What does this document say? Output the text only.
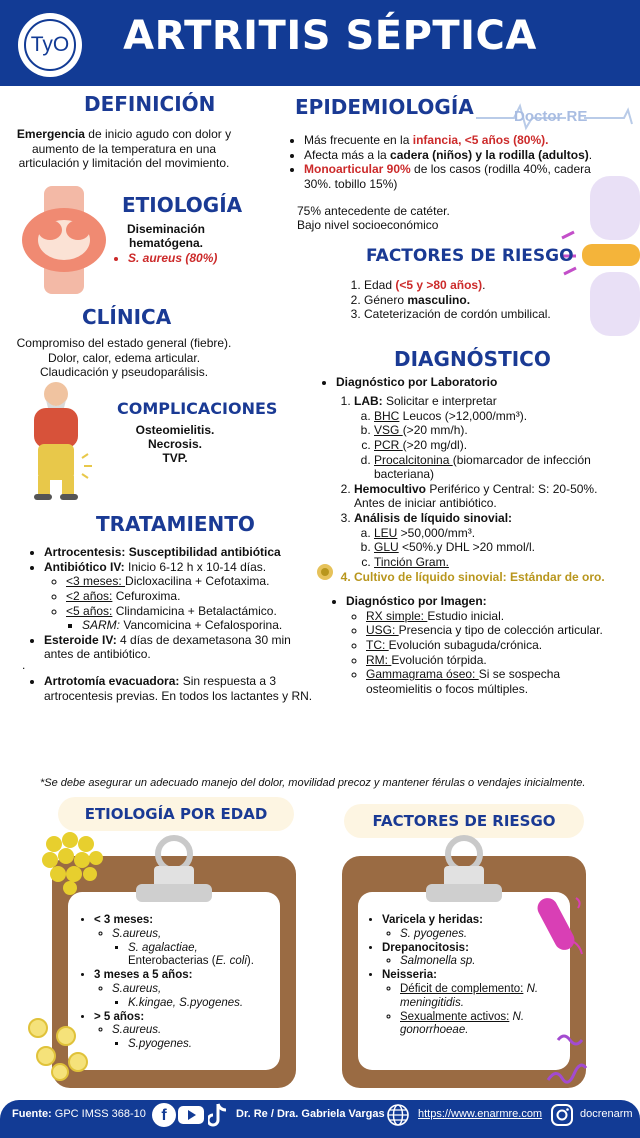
TyO	ARTRITIS SÉPTICA
DEFINICIÓN
Emergencia de inicio agudo con dolor y aumento de la temperatura en una articulación y limitación del movimiento.
ETIOLOGÍA
Diseminación
hematógena.
• S. aureus (80%)
CLÍNICA
Compromiso del estado general (fiebre).
Dolor, calor, edema articular.
Claudicación y pseudoparálisis.
COMPLICACIONES
Osteomielitis.
Necrosis.
TVP.
TRATAMIENTO
• Artrocentesis: Susceptibilidad antibiótica
• Antibiótico IV: Inicio 6-12 h x 10-14 días.
◦ <3 meses: Dicloxacilina + Cefotaxima.
◦ <2 años: Cefuroxima.
◦ <5 años: Clindamicina + Betalactámico.
▪ SARM: Vancomicina + Cefalosporina.
• Esteroide IV: 4 días de dexametasona 30 min antes de antibiótico.
.
• Artrotomía evacuadora: Sin respuesta a 3 artrocentesis previas. En todos los lactantes y RN.
EPIDEMIOLOGÍA	Doctor RE
• Más frecuente en la infancia, <5 años (80%).
• Afecta más a la cadera (niños) y la rodilla (adultos).
• Monoarticular 90% de los casos (rodilla 40%, cadera 30%. tobillo 15%)
75% antecedente de catéter.
Bajo nivel socioeconómico
FACTORES DE RIESGO
1. Edad (<5 y >80 años).
2. Género masculino.
3. Cateterización de cordón umbilical.
DIAGNÓSTICO
• Diagnóstico por Laboratorio
1. LAB: Solicitar e interpretar
a. BHC Leucos (>12,000/mm³).
b. VSG (>20 mm/h).
c. PCR (>20 mg/dl).
d. Procalcitonina (biomarcador de infección bacteriana)
2. Hemocultivo Periférico y Central: S: 20-50%. Antes de iniciar antibiótico.
3. Análisis de líquido sinovial:
a. LEU >50,000/mm³.
b. GLU <50%.y DHL >20 mmol/l.
c. Tinción Gram.
4. Cultivo de líquido sinovial: Estándar de oro.
• Diagnóstico por Imagen:
◦ RX simple: Estudio inicial.
◦ USG: Presencia y tipo de colección articular.
◦ TC: Evolución subaguda/crónica.
◦ RM: Evolución tórpida.
◦ Gammagrama óseo: Si se sospecha osteomielitis o focos múltiples.
*Se debe asegurar un adecuado manejo del dolor, movilidad precoz y mantener férulas o vendajes inicialmente.
ETIOLOGÍA POR EDAD
• < 3 meses:
◦ S.aureus,
▪ S. agalactiae,
Enterobacterias (E. coli).
• 3 meses a 5 años:
◦ S.aureus,
▪ K.kingae, S.pyogenes.
• > 5 años:
◦ S.aureus.
▪ S.pyogenes.
FACTORES DE RIESGO
• Varicela y heridas:
◦ S. pyogenes.
• Drepanocitosis:
◦ Salmonella sp.
• Neisseria:
◦ Déficit de complemento: N. meningitidis.
◦ Sexualmente activos: N. gonorrhoeae.
Fuente: GPC IMSS 368-10 f	Dr. Re / Dra. Gabriela Vargas	https://www.enarmre.com	docrenarm
